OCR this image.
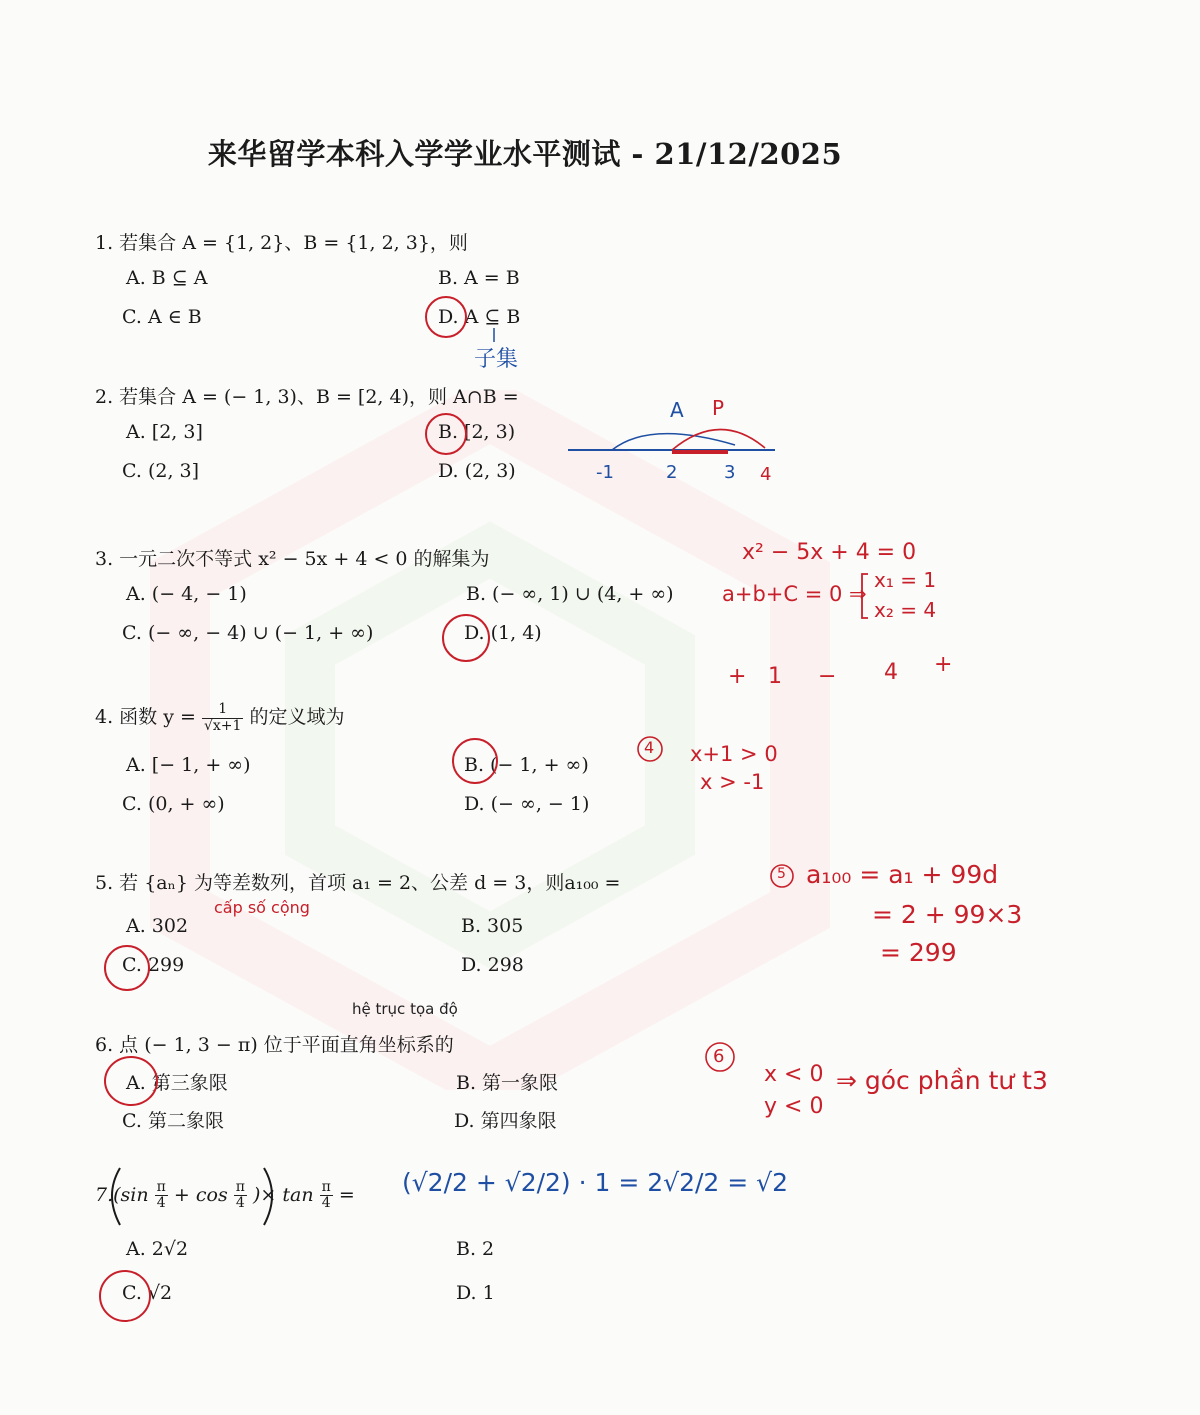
来华留学本科入学学业水平测试 - 21/12/2025
1. 若集合 A = {1, 2}、B = {1, 2, 3}，则
A. B ⊆ A	B. A = B
C. A ∈ B	D. A ⊆ B
2. 若集合 A = (− 1, 3)、B = [2, 4)，则 A∩B =
A. [2, 3]	B. [2, 3)
C. (2, 3]	D. (2, 3)
3. 一元二次不等式 x² − 5x + 4 < 0 的解集为
A. (− 4, − 1)	B. (− ∞, 1) ∪ (4, + ∞)
C. (− ∞, − 4) ∪ (− 1, + ∞)	D. (1, 4)
4. 函数 $y = \frac{1}{√x+1}$ 的定义域为
A. [− 1, + ∞)	B. (− 1, + ∞)
C. (0, + ∞)	D. (− ∞, − 1)
5. 若 {aₙ} 为等差数列，首项 a₁ = 2、公差 d = 3，则a₁₀₀ =
A. 302	B. 305
C. 299	D. 298
6. 点 (− 1, 3 − π) 位于平面直角坐标系的
A. 第三象限	B. 第一象限
C. 第二象限	D. 第四象限
$7.(\sin \frac{\pi}{4} + \cos \frac{\pi}{4}$ )× $\tan \frac{\pi}{4}$ =
A. 2√2	B. 2
C. √2	D. 1
子集
A P
-1	2	3 4
x² − 5x + 4 = 0
a+b+C = 0 ⇒
x₁ = 1
x₂ = 4
+ 1 − 4 +
4 x+1 > 0
x > -1
cấp số cộng
5 a₁₀₀ = a₁ + 99d
= 2 + 99×3
= 299
hệ trục tọa độ
6
x < 0
y < 0
⇒ góc phần tư t3
(√2/2 + √2/2) · 1 = 2√2/2 = √2
